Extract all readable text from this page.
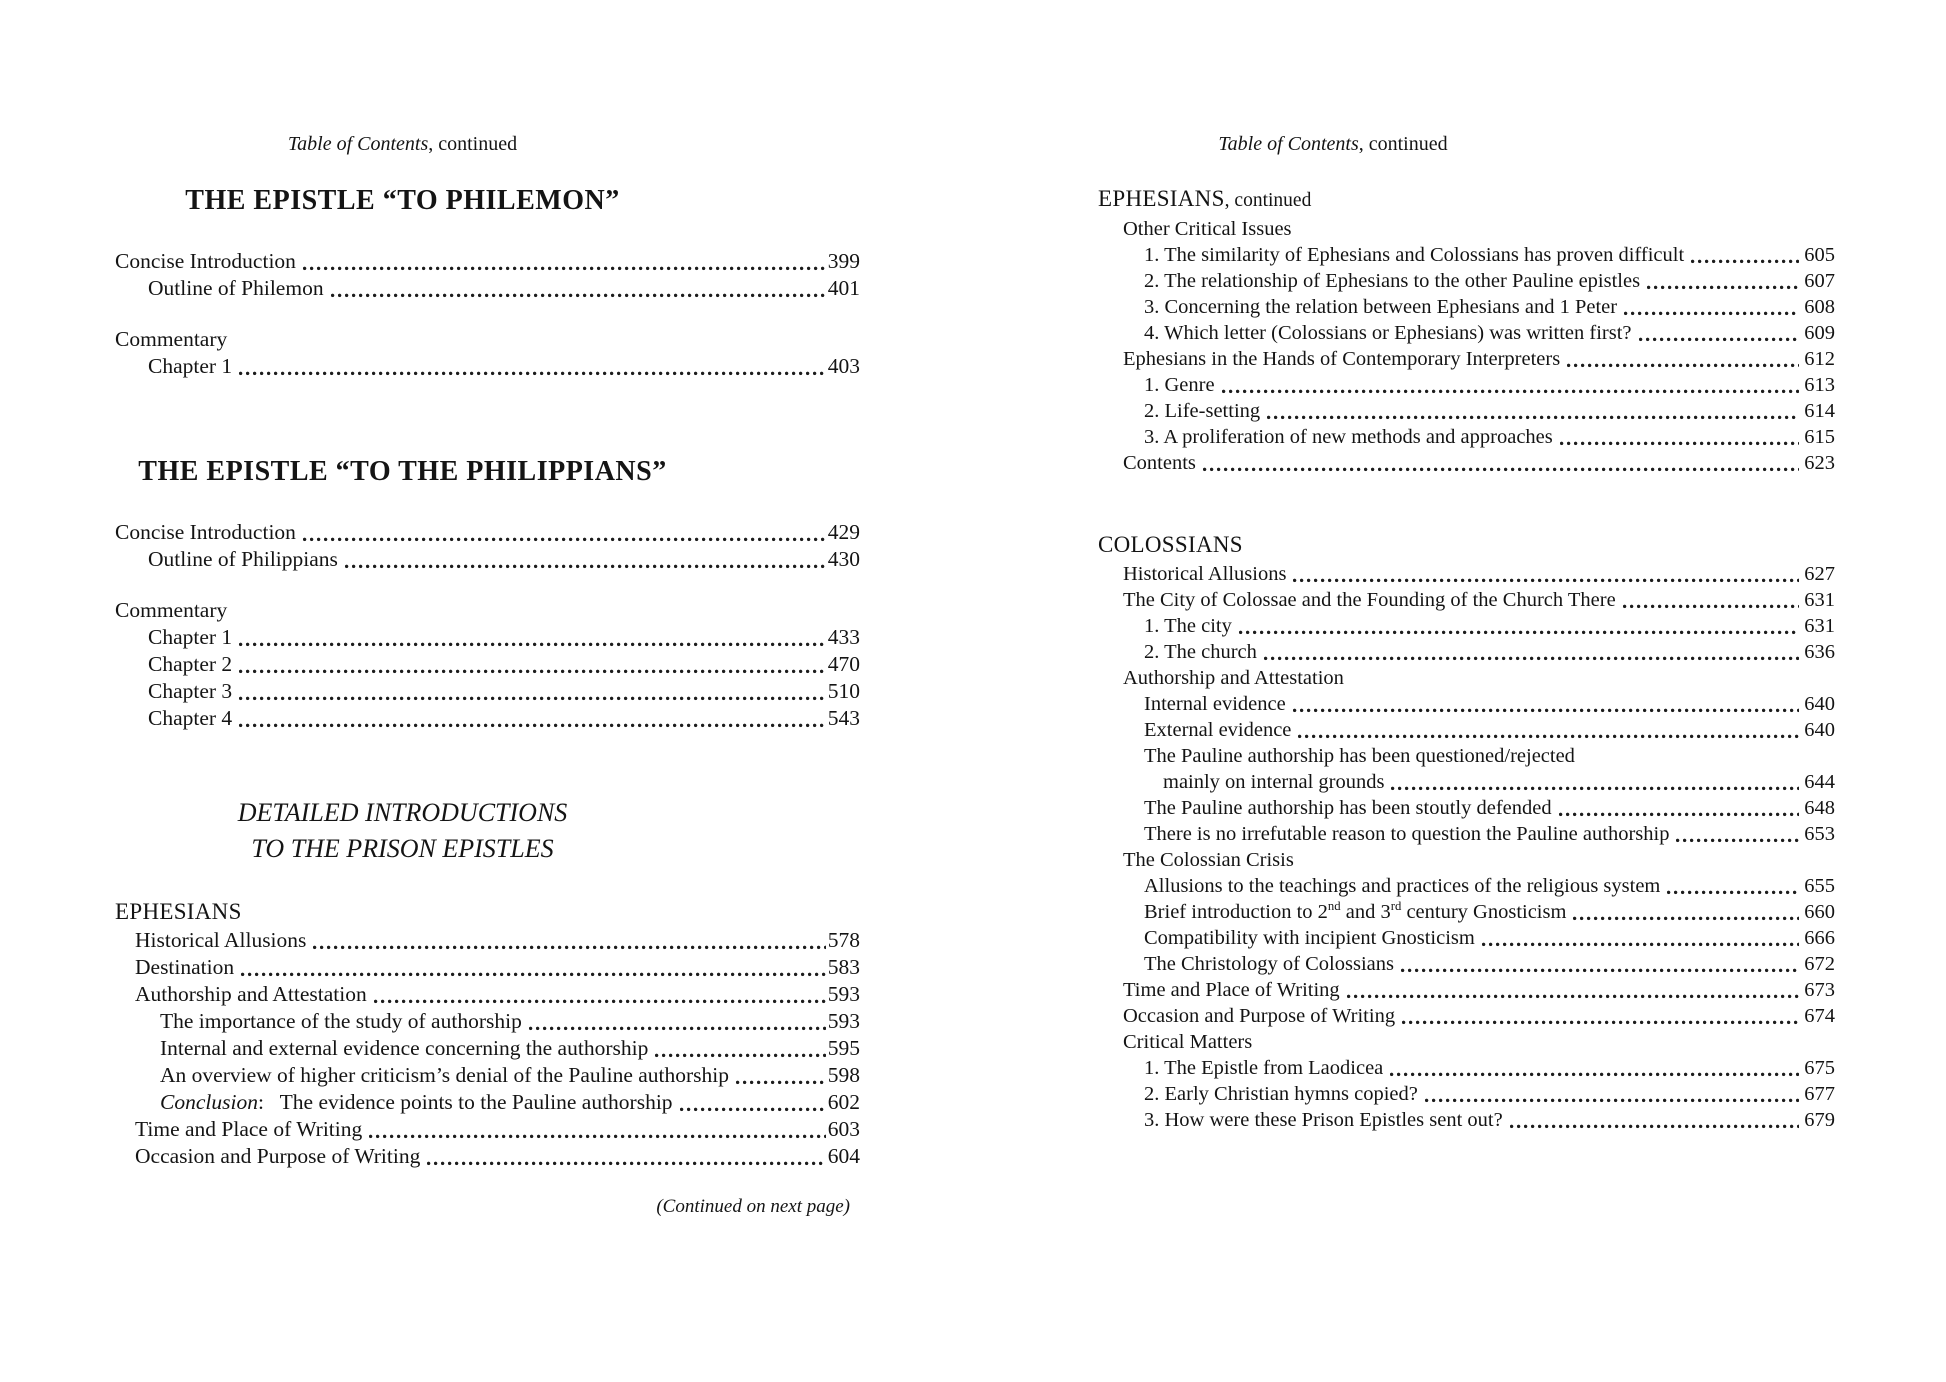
Table of Contents, continued
THE EPISTLE “TO PHILEMON”
Concise Introduction	399
Outline of Philemon	401
Commentary
Chapter 1	403
THE EPISTLE “TO THE PHILIPPIANS”
Concise Introduction	429
Outline of Philippians	430
Commentary
Chapter 1	433
Chapter 2	470
Chapter 3	510
Chapter 4	543
DETAILED INTRODUCTIONS
TO THE PRISON EPISTLES
EPHESIANS
Historical Allusions	578
Destination	583
Authorship and Attestation	593
The importance of the study of authorship	593
Internal and external evidence concerning the authorship	595
An overview of higher criticism’s denial of the Pauline authorship	598
Conclusion:   The evidence points to the Pauline authorship	602
Time and Place of Writing	603
Occasion and Purpose of Writing	604
(Continued on next page)
Table of Contents, continued
EPHESIANS, continued
Other Critical Issues
1. The similarity of Ephesians and Colossians has proven difficult	605
2. The relationship of Ephesians to the other Pauline epistles	607
3. Concerning the relation between Ephesians and 1 Peter	608
4. Which letter (Colossians or Ephesians) was written first?	609
Ephesians in the Hands of Contemporary Interpreters	612
1. Genre	613
2. Life-setting	614
3. A proliferation of new methods and approaches	615
Contents	623
COLOSSIANS
Historical Allusions	627
The City of Colossae and the Founding of the Church There	631
1. The city	631
2. The church	636
Authorship and Attestation
Internal evidence	640
External evidence	640
The Pauline authorship has been questioned/rejected
mainly on internal grounds	644
The Pauline authorship has been stoutly defended	648
There is no irrefutable reason to question the Pauline authorship	653
The Colossian Crisis
Allusions to the teachings and practices of the religious system	655
Brief introduction to 2nd and 3rd century Gnosticism	660
Compatibility with incipient Gnosticism	666
The Christology of Colossians	672
Time and Place of Writing	673
Occasion and Purpose of Writing	674
Critical Matters
1. The Epistle from Laodicea	675
2. Early Christian hymns copied?	677
3. How were these Prison Epistles sent out?	679
